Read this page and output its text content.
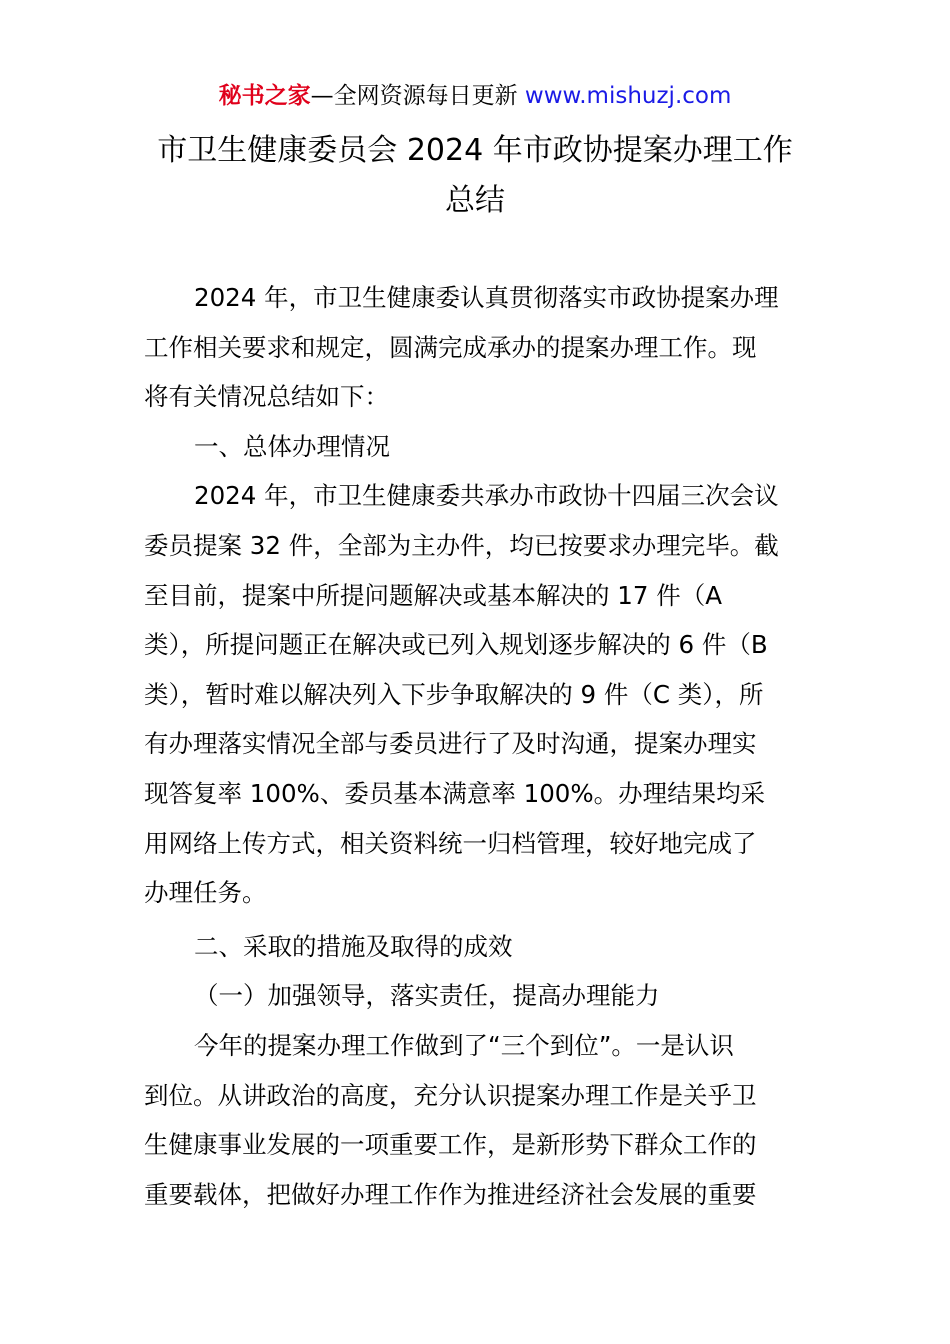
秘书之家—全网资源每日更新 www.mishuzj.com
市卫生健康委员会 2024 年市政协提案办理工作
总结
2024 年，市卫生健康委认真贯彻落实市政协提案办理
工作相关要求和规定，圆满完成承办的提案办理工作。现
将有关情况总结如下：
一、总体办理情况
2024 年，市卫生健康委共承办市政协十四届三次会议
委员提案 32 件，全部为主办件，均已按要求办理完毕。截
至目前，提案中所提问题解决或基本解决的 17 件（A
类），所提问题正在解决或已列入规划逐步解决的 6 件（B
类），暂时难以解决列入下步争取解决的 9 件（C 类），所
有办理落实情况全部与委员进行了及时沟通，提案办理实
现答复率 100%、委员基本满意率 100%。办理结果均采
用网络上传方式，相关资料统一归档管理，较好地完成了
办理任务。
二、采取的措施及取得的成效
（一）加强领导，落实责任，提高办理能力
今年的提案办理工作做到了“三个到位”。一是认识
到位。从讲政治的高度，充分认识提案办理工作是关乎卫
生健康事业发展的一项重要工作，是新形势下群众工作的
重要载体，把做好办理工作作为推进经济社会发展的重要
